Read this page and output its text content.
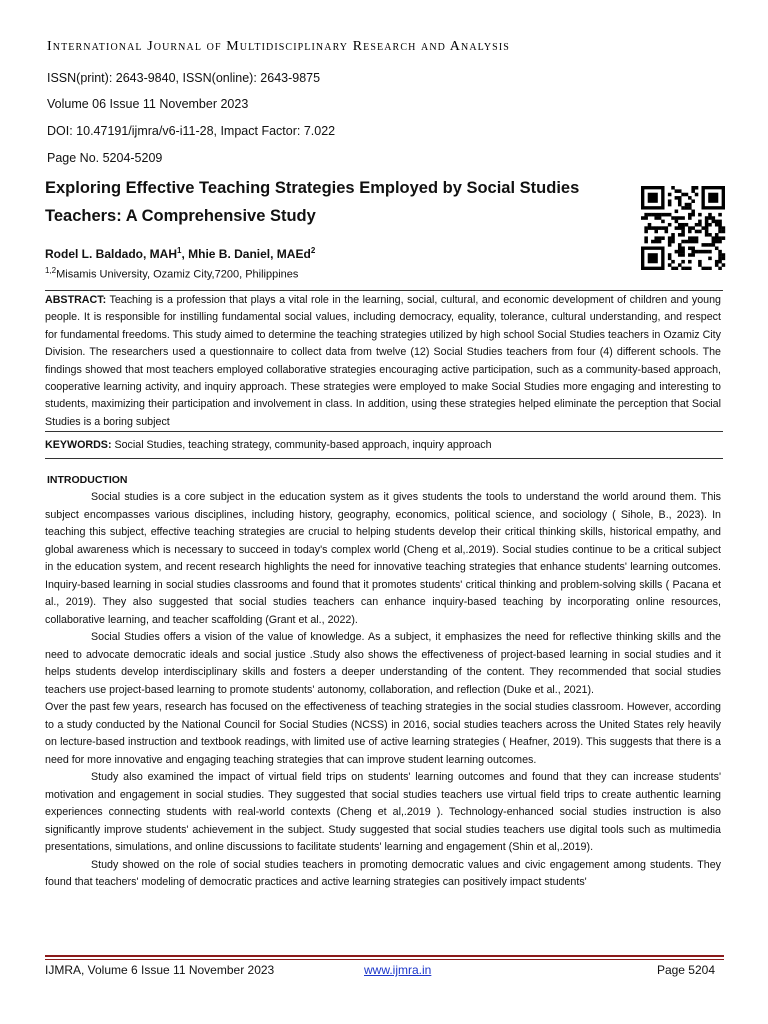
International Journal of Multidisciplinary Research and Analysis

ISSN(print): 2643-9840, ISSN(online): 2643-9875

Volume 06 Issue 11 November 2023

DOI: 10.47191/ijmra/v6-i11-28, Impact Factor: 7.022

Page No. 5204-5209

Exploring Effective Teaching Strategies Employed by Social Studies Teachers: A Comprehensive Study

Rodel L. Baldado, MAH$^1$, Mhie B. Daniel, MAEd$^2$

$^{1,2}$Misamis University, Ozamiz City,7200, Philippines

ABSTRACT: Teaching is a profession that plays a vital role in the learning, social, cultural, and economic development of children and young people. It is responsible for instilling fundamental social values, including democracy, equality, tolerance, cultural understanding, and respect for fundamental freedoms. This study aimed to determine the teaching strategies utilized by high school Social Studies teachers in Ozamiz City Division. The researchers used a questionnaire to collect data from twelve (12) Social Studies teachers from four (4) different schools. The findings showed that most teachers employed collaborative strategies encouraging active participation, such as a community-based approach, cooperative learning activity, and inquiry approach. These strategies were employed to make Social Studies more engaging and interesting to students, maximizing their participation and involvement in class. In addition, using these strategies helped eliminate the perception that Social Studies is a boring subject

KEYWORDS: Social Studies, teaching strategy, community-based approach, inquiry approach

INTRODUCTION

Social studies is a core subject in the education system as it gives students the tools to understand the world around them. This subject encompasses various disciplines, including history, geography, economics, political science, and sociology ( Sihole, B., 2023). In teaching this subject, effective teaching strategies are crucial to helping students develop their critical thinking skills, historical empathy, and global awareness which is necessary to succeed in today's complex world (Cheng et al,.2019). Social studies continue to be a critical subject in the education system, and recent research highlights the need for innovative teaching strategies that enhance students' learning outcomes. Inquiry-based learning in social studies classrooms and found that it promotes students' critical thinking and problem-solving skills ( Pacana et al., 2019). They also suggested that social studies teachers can enhance inquiry-based teaching by incorporating online resources, collaborative learning, and teacher scaffolding (Grant et al., 2022).

Social Studies offers a vision of the value of knowledge. As a subject, it emphasizes the need for reflective thinking skills and the need to advocate democratic ideals and social justice .Study also shows the effectiveness of project-based learning in social studies and it helps students develop interdisciplinary skills and fosters a deeper understanding of the content. They recommended that social studies teachers use project-based learning to promote students' autonomy, collaboration, and reflection (Duke et al., 2021).

Over the past few years, research has focused on the effectiveness of teaching strategies in the social studies classroom. However, according to a study conducted by the National Council for Social Studies (NCSS) in 2016, social studies teachers across the United States rely heavily on lecture-based instruction and textbook readings, with limited use of active learning strategies ( Heafner, 2019). This suggests that there is a need for more innovative and engaging teaching strategies that can improve student learning outcomes.

Study also examined the impact of virtual field trips on students' learning outcomes and found that they can increase students' motivation and engagement in social studies. They suggested that social studies teachers use virtual field trips to create authentic learning experiences connecting students with real-world contexts (Cheng et al,.2019 ). Technology-enhanced social studies instruction is also significantly improve students' achievement in the subject. Study suggested that social studies teachers use digital tools such as multimedia presentations, simulations, and online discussions to facilitate students' learning and engagement (Shin et al,.2019).

Study showed on the role of social studies teachers in promoting democratic values and civic engagement among students. They found that teachers' modeling of democratic practices and active learning strategies can positively impact students'

IJMRA, Volume 6 Issue 11 November 2023	www.ijmra.in	Page 5204
